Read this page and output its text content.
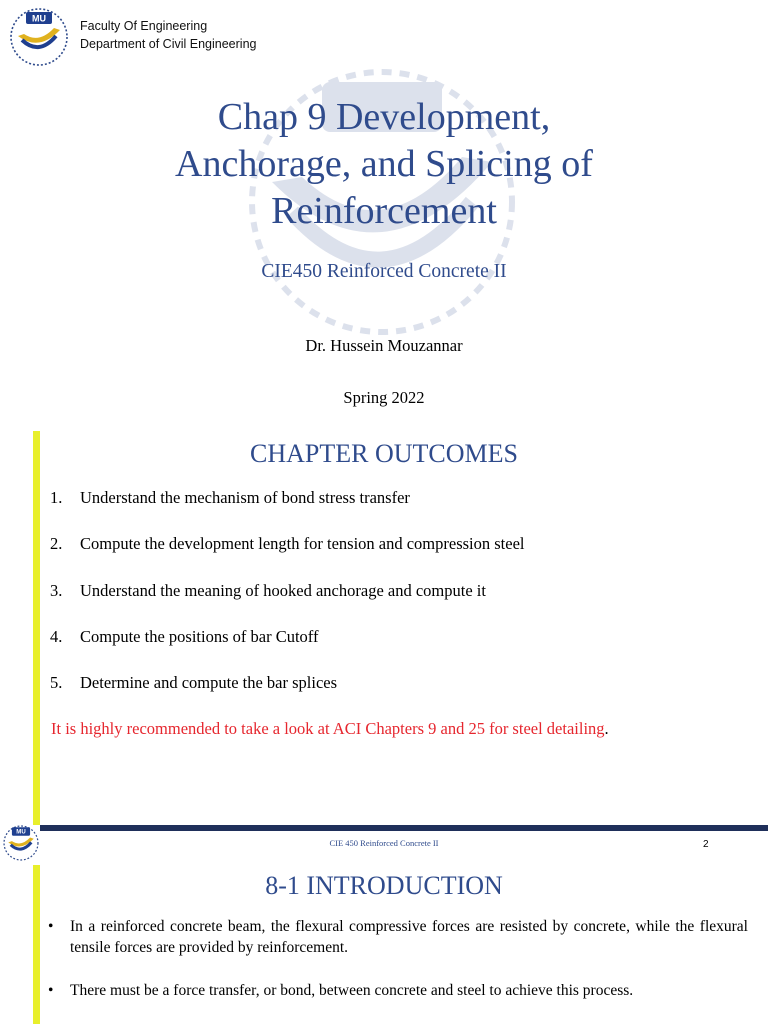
MU
Faculty Of Engineering
Department of Civil Engineering
Chap 9 Development,
Anchorage, and Splicing of
Reinforcement
CIE450 Reinforced Concrete II
Dr. Hussein Mouzannar
Spring 2022
CHAPTER OUTCOMES
1.	Understand the mechanism of bond stress transfer
2.	Compute the development length for tension and compression steel
3.	Understand the meaning of hooked anchorage and compute it
4.	Compute the positions of bar Cutoff
5.	Determine and compute the bar splices
It is highly recommended to take a look at ACI Chapters 9 and 25 for steel detailing.
MU
CIE 450 Reinforced Concrete II	2
8-1 INTRODUCTION
•	In a reinforced concrete beam, the flexural compressive forces are resisted by concrete, while the flexural tensile forces are provided by reinforcement.
•	There must be a force transfer, or bond, between concrete and steel to achieve this process.
